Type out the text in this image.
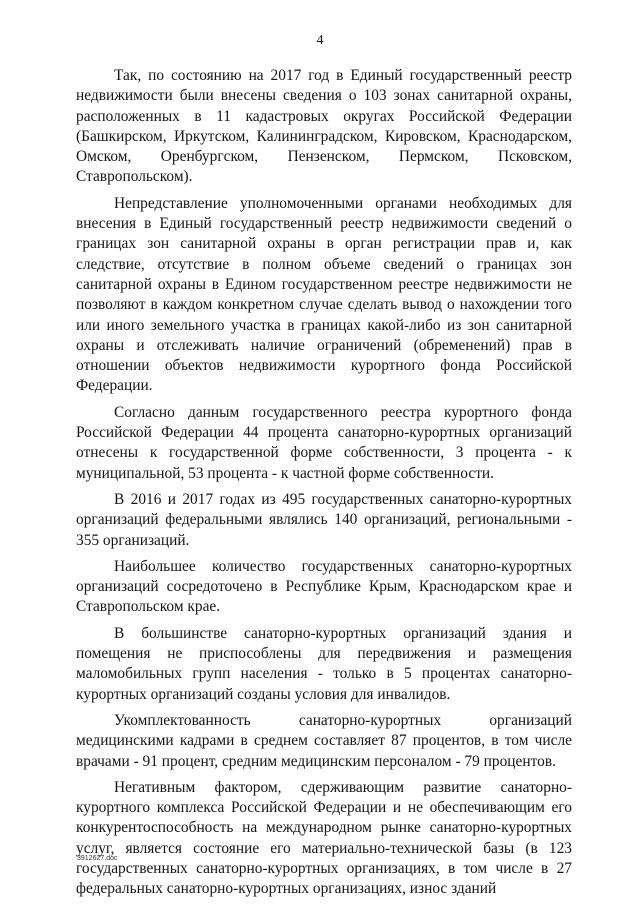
4

Так, по состоянию на 2017 год в Единый государственный реестр недвижимости были внесены сведения о 103 зонах санитарной охраны, расположенных в 11 кадастровых округах Российской Федерации (Башкирском, Иркутском, Калининградском, Кировском, Краснодарском, Омском, Оренбургском, Пензенском, Пермском, Псковском, Ставропольском).

Непредставление уполномоченными органами необходимых для внесения в Единый государственный реестр недвижимости сведений о границах зон санитарной охраны в орган регистрации прав и, как следствие, отсутствие в полном объеме сведений о границах зон санитарной охраны в Едином государственном реестре недвижимости не позволяют в каждом конкретном случае сделать вывод о нахождении того или иного земельного участка в границах какой-либо из зон санитарной охраны и отслеживать наличие ограничений (обременений) прав в отношении объектов недвижимости курортного фонда Российской Федерации.

Согласно данным государственного реестра курортного фонда Российской Федерации 44 процента санаторно-курортных организаций отнесены к государственной форме собственности, 3 процента - к муниципальной, 53 процента - к частной форме собственности.

В 2016 и 2017 годах из 495 государственных санаторно-курортных организаций федеральными являлись 140 организаций, региональными - 355 организаций.

Наибольшее количество государственных санаторно-курортных организаций сосредоточено в Республике Крым, Краснодарском крае и Ставропольском крае.

В большинстве санаторно-курортных организаций здания и помещения не приспособлены для передвижения и размещения маломобильных групп населения - только в 5 процентах санаторно-курортных организаций созданы условия для инвалидов.

Укомплектованность санаторно-курортных организаций медицинскими кадрами в среднем составляет 87 процентов, в том числе врачами - 91 процент, средним медицинским персоналом - 79 процентов.

Негативным фактором, сдерживающим развитие санаторно-курортного комплекса Российской Федерации и не обеспечивающим его конкурентоспособность на международном рынке санаторно-курортных услуг, является состояние его материально-технической базы (в 123 государственных санаторно-курортных организациях, в том числе в 27 федеральных санаторно-курортных организациях, износ зданий

3912627.doc
